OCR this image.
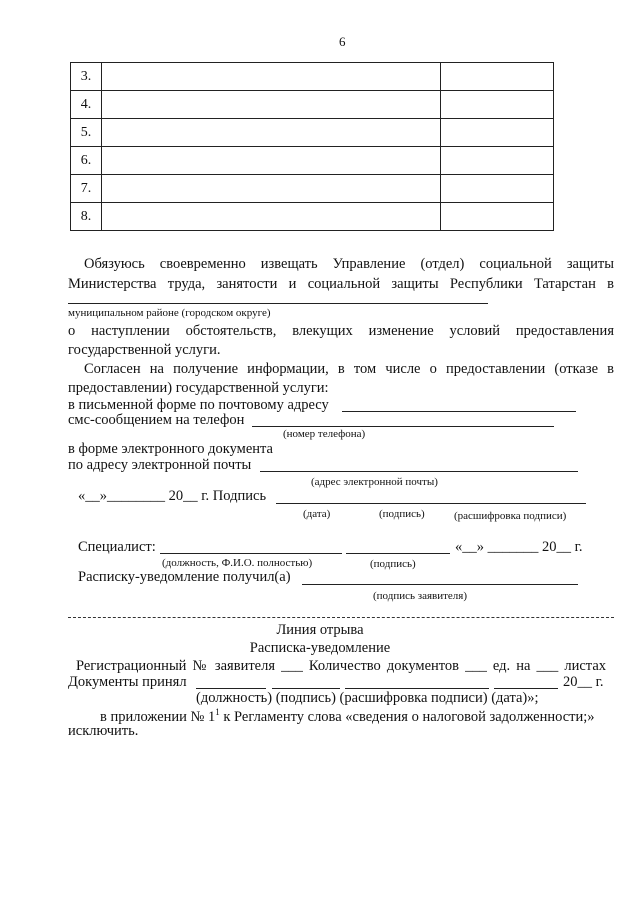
6
3.		
4.		
5.		
6.		
7.		
8.		
Обязуюсь своевременно извещать Управление (отдел) социальной защиты
Министерства труда, занятости и социальной защиты Республики Татарстан в
муниципальном районе (городском округе)
о наступлении обстоятельств, влекущих изменение условий предоставления
государственной услуги.
Согласен на получение информации, в том числе о предоставлении (отказе в
предоставлении) государственной услуги:
в письменной форме по почтовому адресу
смс-сообщением на телефон
(номер телефона)
в форме электронного документа
по адресу электронной почты
(адрес электронной почты)
«__»________ 20__ г. Подпись
(дата)	(подпись)	(расшифровка подписи)
Специалист:	«__» _______ 20__ г.
(должность, Ф.И.О. полностью)	(подпись)
Расписку-уведомление получил(а)
(подпись заявителя)
Линия отрыва
Расписка-уведомление
Регистрационный № заявителя ___ Количество документов ___ ед. на ___ листах
Документы принял	20__ г.
(должность) (подпись) (расшифровка подписи) (дата)»;
в приложении № $1^1$ к Регламенту слова «сведения о налоговой задолженности;»
исключить.
